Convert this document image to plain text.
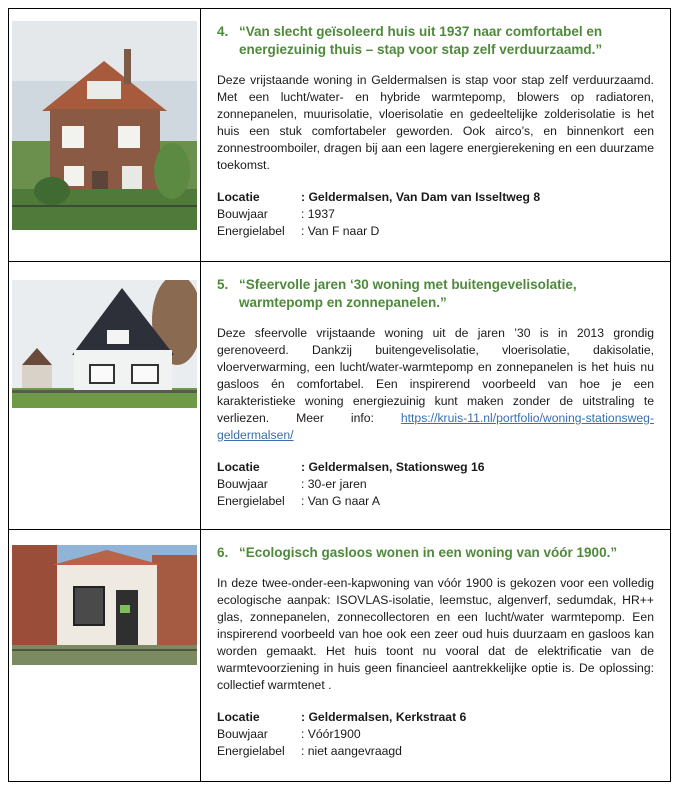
4. “Van slecht geïsoleerd huis uit 1937 naar comfortabel en energiezuinig thuis – stap voor stap zelf verduurzaamd.”
Deze vrijstaande woning in Geldermalsen is stap voor stap zelf verduurzaamd. Met een lucht/water- en hybride warmtepomp, blowers op radiatoren, zonnepanelen, muurisolatie, vloerisolatie en gedeeltelijke zolderisolatie is het huis een stuk comfortabeler geworden. Ook airco’s, en binnenkort een zonnestroomboiler, dragen bij aan een lagere energierekening en een duurzame toekomst.
Locatie	: Geldermalsen, Van Dam van Isseltweg 8
Bouwjaar	: 1937
Energielabel	: Van F naar D
5. “Sfeervolle jaren ‘30 woning met buitengevelisolatie, warmtepomp en zonnepanelen.”
Deze sfeervolle vrijstaande woning uit de jaren ’30 is in 2013 grondig gerenoveerd. Dankzij buitengevelisolatie, vloerisolatie, dakisolatie, vloerverwarming, een lucht/water-warmtepomp en zonnepanelen is het huis nu gasloos én comfortabel. Een inspirerend voorbeeld van hoe je een karakteristieke woning energiezuinig kunt maken zonder de uitstraling te verliezen. Meer info: https://kruis-11.nl/portfolio/woning-stationsweg-geldermalsen/
Locatie	: Geldermalsen, Stationsweg 16
Bouwjaar	: 30-er jaren
Energielabel	: Van G naar A
6. “Ecologisch gasloos wonen in een woning van vóór 1900.”
In deze twee-onder-een-kapwoning van vóór 1900 is gekozen voor een volledig ecologische aanpak: ISOVLAS-isolatie, leemstuc, algenverf, sedumdak, HR++ glas, zonnepanelen, zonnecollectoren en een lucht/water warmtepomp. Een inspirerend voorbeeld van hoe ook een zeer oud huis duurzaam en gasloos kan worden gemaakt. Het huis toont nu vooral dat de elektrificatie van de warmtevoorziening in huis geen financieel aantrekkelijke optie is. De oplossing: collectief warmtenet .
Locatie	: Geldermalsen, Kerkstraat 6
Bouwjaar	: Vóór1900
Energielabel	: niet aangevraagd
